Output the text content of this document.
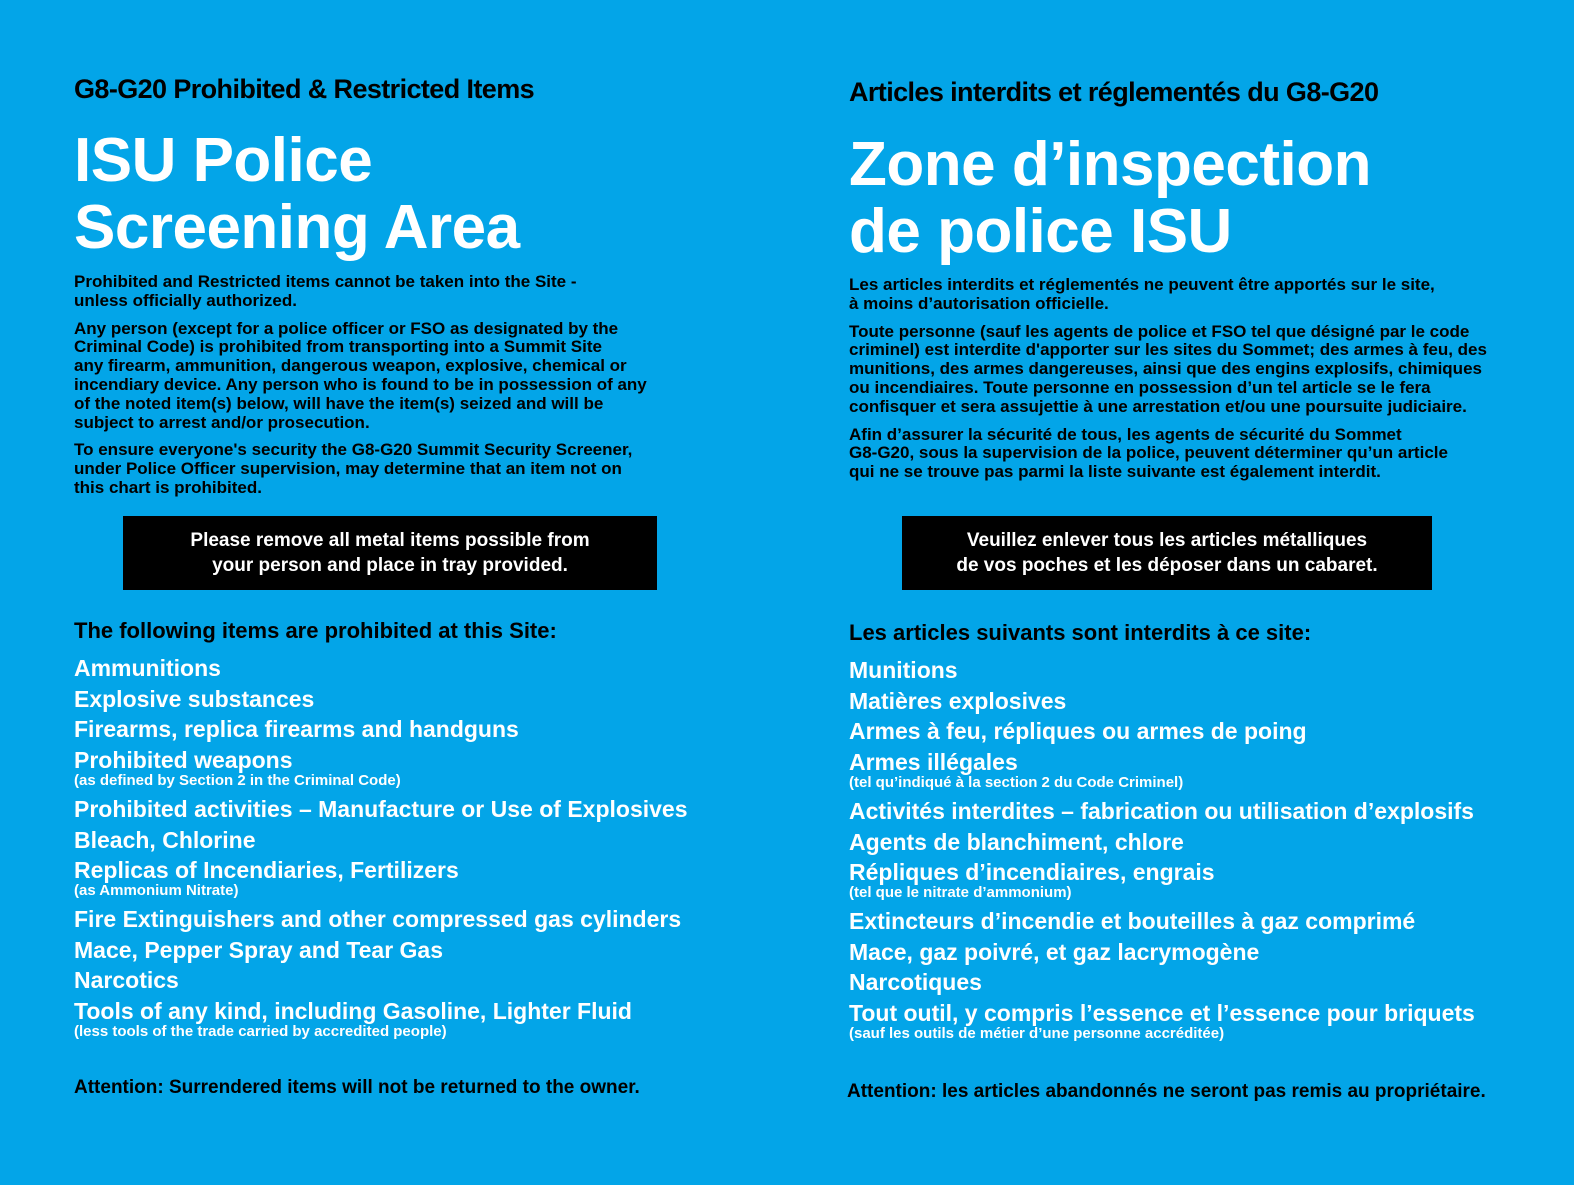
G8-G20 Prohibited & Restricted Items
ISU Police
Screening Area

Prohibited and Restricted items cannot be taken into the Site -
unless officially authorized.

Any person (except for a police officer or FSO as designated by the
Criminal Code) is prohibited from transporting into a Summit Site
any firearm, ammunition, dangerous weapon, explosive, chemical or
incendiary device. Any person who is found to be in possession of any
of the noted item(s) below, will have the item(s) seized and will be
subject to arrest and/or prosecution.

To ensure everyone's security the G8-G20 Summit Security Screener,
under Police Officer supervision, may determine that an item not on
this chart is prohibited.

Please remove all metal items possible from
your person and place in tray provided.
The following items are prohibited at this Site:
Ammunitions
Explosive substances
Firearms, replica firearms and handguns
Prohibited weapons
(as defined by Section 2 in the Criminal Code)
Prohibited activities – Manufacture or Use of Explosives
Bleach, Chlorine
Replicas of Incendiaries, Fertilizers
(as Ammonium Nitrate)
Fire Extinguishers and other compressed gas cylinders
Mace, Pepper Spray and Tear Gas
Narcotics
Tools of any kind, including Gasoline, Lighter Fluid
(less tools of the trade carried by accredited people)
Attention: Surrendered items will not be returned to the owner.
Articles interdits et réglementés du G8-G20
Zone d’inspection
de police ISU

Les articles interdits et réglementés ne peuvent être apportés sur le site,
à moins d’autorisation officielle.

Toute personne (sauf les agents de police et FSO tel que désigné par le code
criminel) est interdite d'apporter sur les sites du Sommet; des armes à feu, des
munitions, des armes dangereuses, ainsi que des engins explosifs, chimiques
ou incendiaires. Toute personne en possession d’un tel article se le fera
confisquer et sera assujettie à une arrestation et/ou une poursuite judiciaire.

Afin d’assurer la sécurité de tous, les agents de sécurité du Sommet
G8-G20, sous la supervision de la police, peuvent déterminer qu’un article
qui ne se trouve pas parmi la liste suivante est également interdit.

Veuillez enlever tous les articles métalliques
de vos poches et les déposer dans un cabaret.
Les articles suivants sont interdits à ce site:
Munitions
Matières explosives
Armes à feu, répliques ou armes de poing
Armes illégales
(tel qu’indiqué à la section 2 du Code Criminel)
Activités interdites – fabrication ou utilisation d’explosifs
Agents de blanchiment, chlore
Répliques d’incendiaires, engrais
(tel que le nitrate d’ammonium)
Extincteurs d’incendie et bouteilles à gaz comprimé
Mace, gaz poivré, et gaz lacrymogène
Narcotiques
Tout outil, y compris l’essence et l’essence pour briquets
(sauf les outils de métier d’une personne accréditée)
Attention: les articles abandonnés ne seront pas remis au propriétaire.
